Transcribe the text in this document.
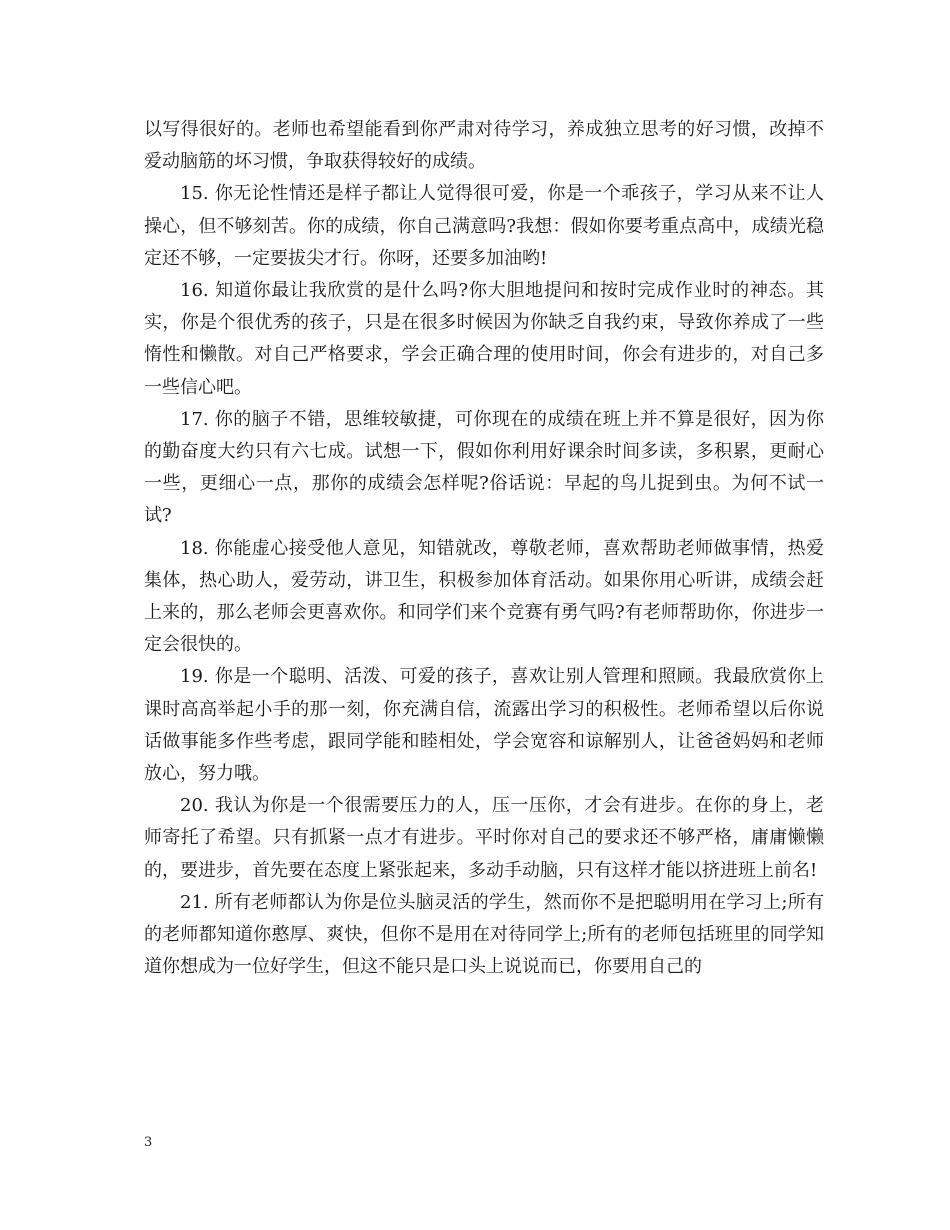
以写得很好的。老师也希望能看到你严肃对待学习，养成独立思考的好习惯，改掉不爱动脑筋的坏习惯，争取获得较好的成绩。

15. 你无论性情还是样子都让人觉得很可爱，你是一个乖孩子，学习从来不让人操心，但不够刻苦。你的成绩，你自己满意吗?我想：假如你要考重点高中，成绩光稳定还不够，一定要拔尖才行。你呀，还要多加油哟!

16. 知道你最让我欣赏的是什么吗?你大胆地提问和按时完成作业时的神态。其实，你是个很优秀的孩子，只是在很多时候因为你缺乏自我约束，导致你养成了一些惰性和懒散。对自己严格要求，学会正确合理的使用时间，你会有进步的，对自己多一些信心吧。

17. 你的脑子不错，思维较敏捷，可你现在的成绩在班上并不算是很好，因为你的勤奋度大约只有六七成。试想一下，假如你利用好课余时间多读，多积累，更耐心一些，更细心一点，那你的成绩会怎样呢?俗话说：早起的鸟儿捉到虫。为何不试一试?

18. 你能虚心接受他人意见，知错就改，尊敬老师，喜欢帮助老师做事情，热爱集体，热心助人，爱劳动，讲卫生，积极参加体育活动。如果你用心听讲，成绩会赶上来的，那么老师会更喜欢你。和同学们来个竞赛有勇气吗?有老师帮助你，你进步一定会很快的。

19. 你是一个聪明、活泼、可爱的孩子，喜欢让别人管理和照顾。我最欣赏你上课时高高举起小手的那一刻，你充满自信，流露出学习的积极性。老师希望以后你说话做事能多作些考虑，跟同学能和睦相处，学会宽容和谅解别人，让爸爸妈妈和老师放心，努力哦。

20. 我认为你是一个很需要压力的人，压一压你，才会有进步。在你的身上，老师寄托了希望。只有抓紧一点才有进步。平时你对自己的要求还不够严格，庸庸懒懒的，要进步，首先要在态度上紧张起来，多动手动脑，只有这样才能以挤进班上前名!

21. 所有老师都认为你是位头脑灵活的学生，然而你不是把聪明用在学习上;所有的老师都知道你憨厚、爽快，但你不是用在对待同学上;所有的老师包括班里的同学知道你想成为一位好学生，但这不能只是口头上说说而已，你要用自己的

3
